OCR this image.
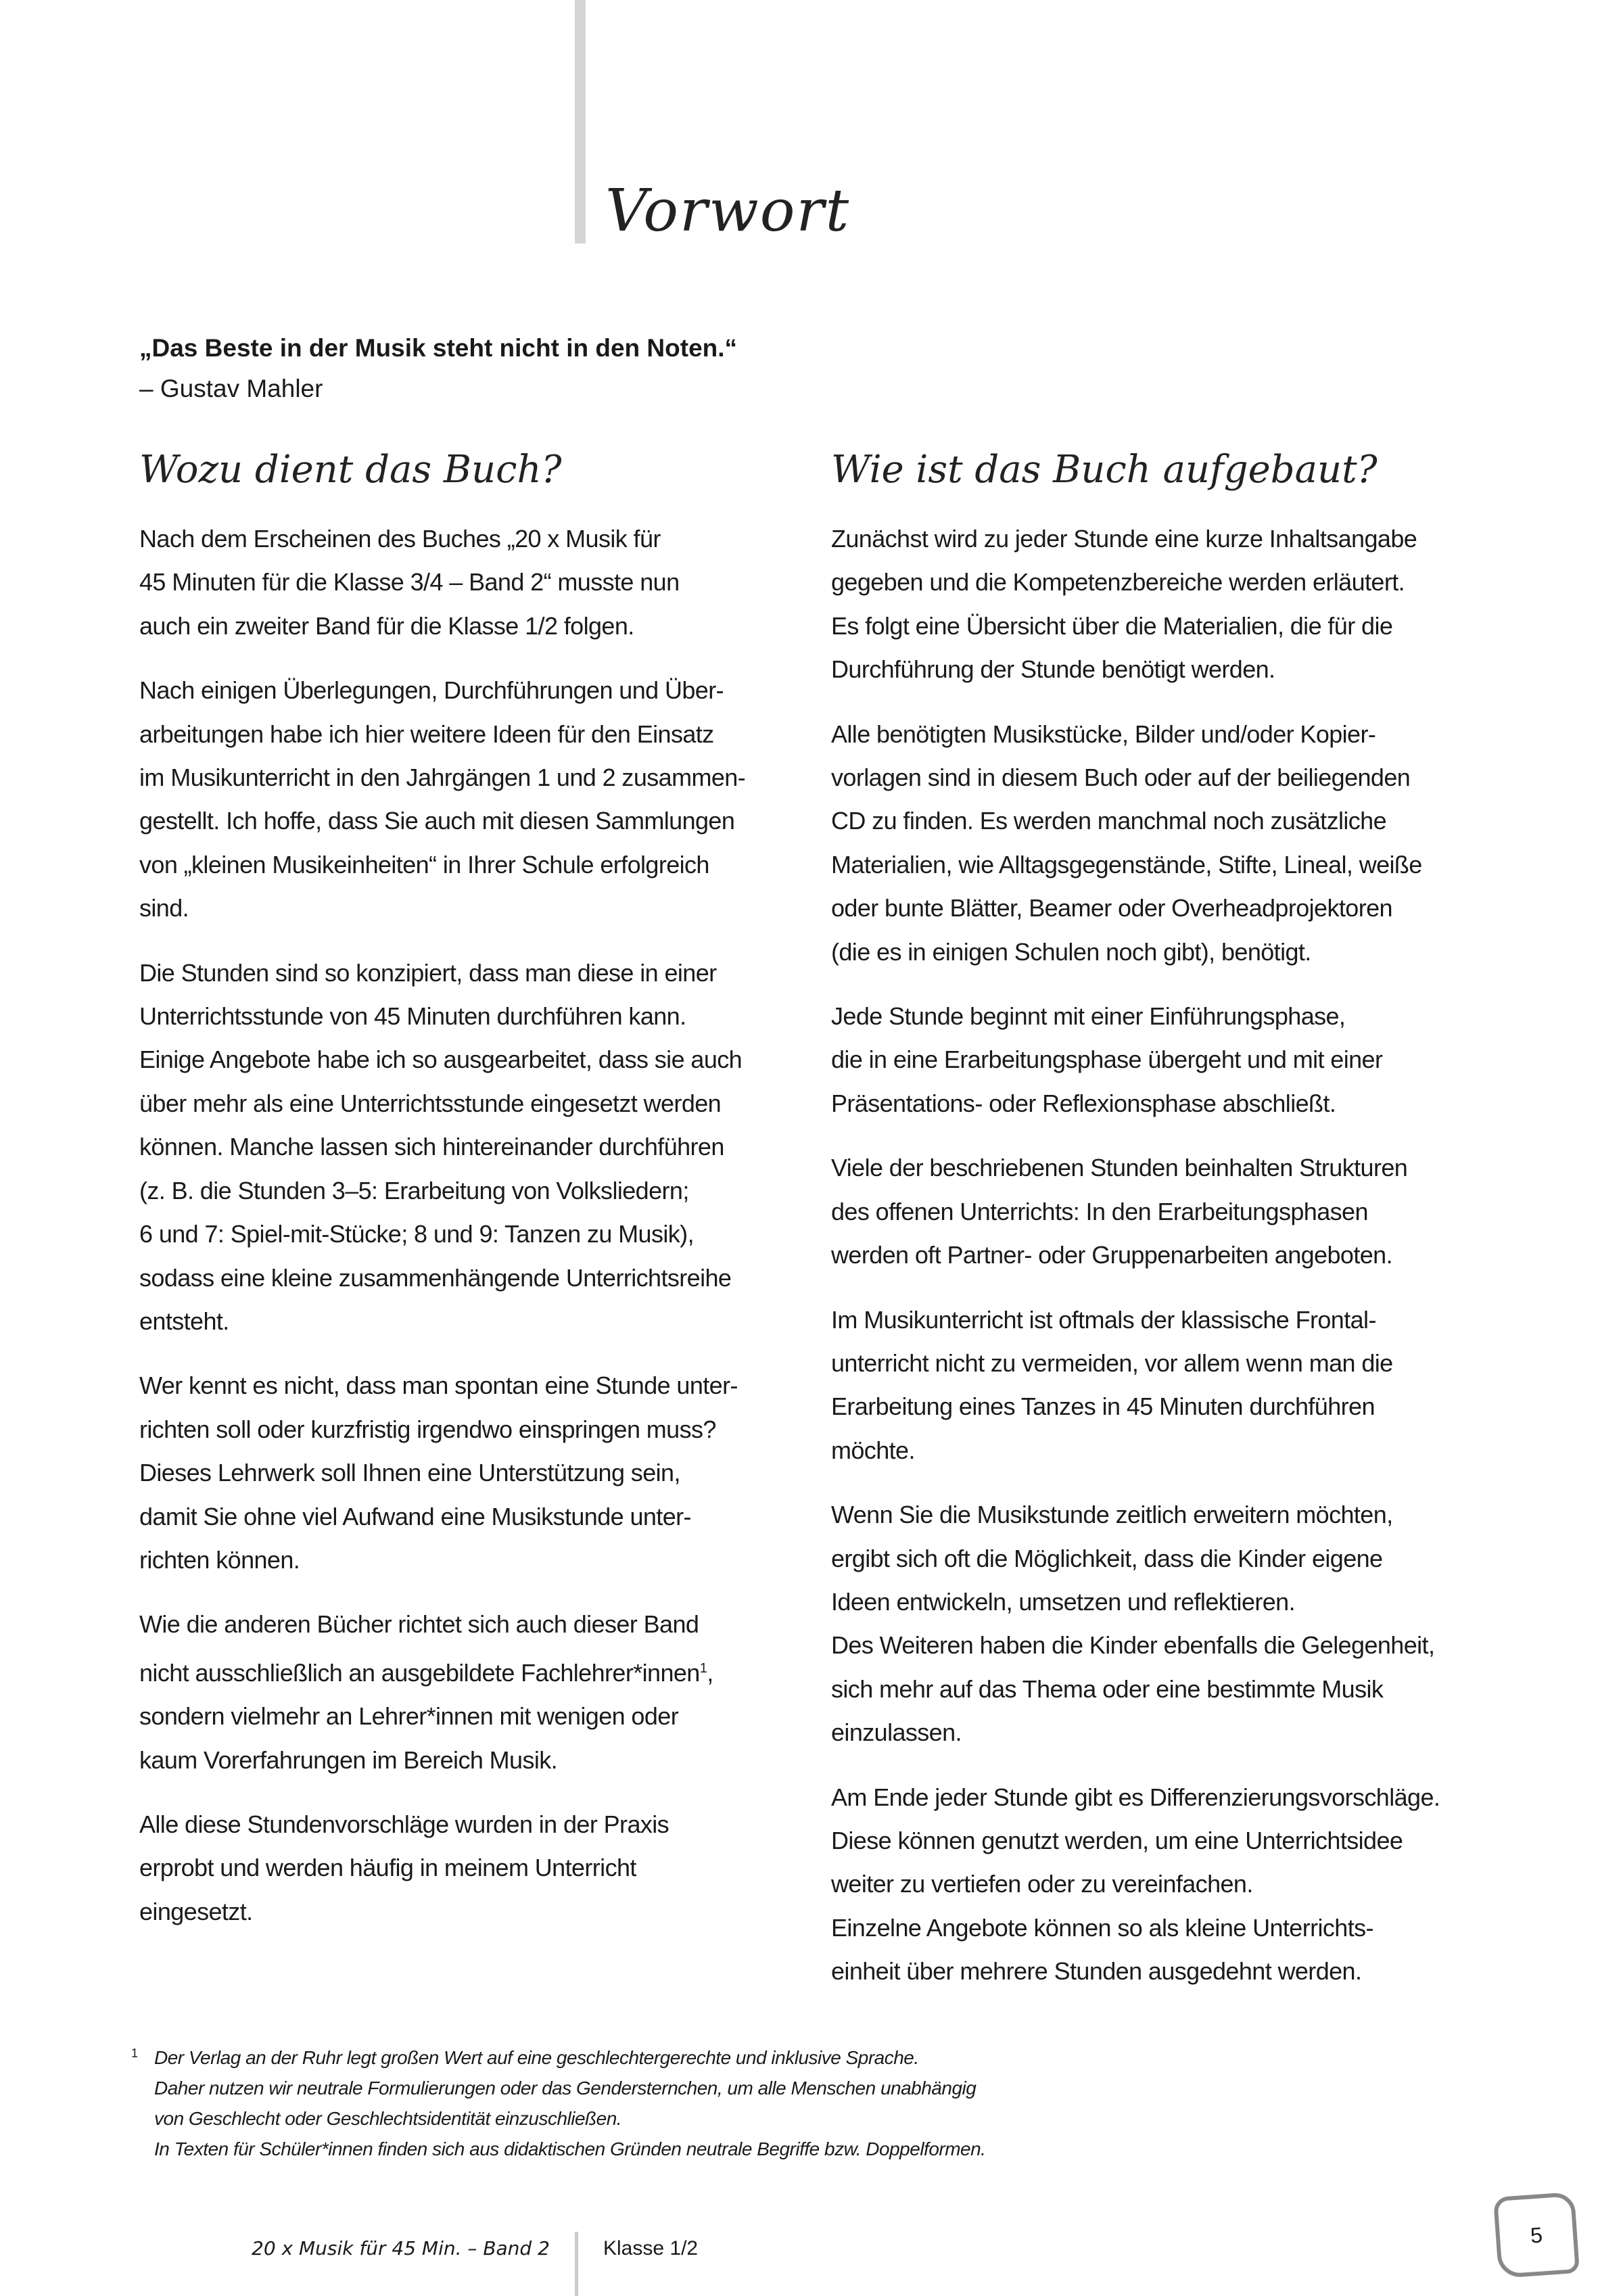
Vorwort
„Das Beste in der Musik steht nicht in den Noten.“
– Gustav Mahler
Wozu dient das Buch?
Nach dem Erscheinen des Buches „20 x Musik für
45 Minuten für die Klasse 3/4 – Band 2“ musste nun
auch ein zweiter Band für die Klasse 1/2 folgen.
Nach einigen Überlegungen, Durchführungen und Über-
arbeitungen habe ich hier weitere Ideen für den Einsatz
im Musikunterricht in den Jahrgängen 1 und 2 zusammen-
gestellt. Ich hoffe, dass Sie auch mit diesen Sammlungen
von „kleinen Musikeinheiten“ in Ihrer Schule erfolgreich
sind.
Die Stunden sind so konzipiert, dass man diese in einer
Unterrichtsstunde von 45 Minuten durchführen kann.
Einige Angebote habe ich so ausgearbeitet, dass sie auch
über mehr als eine Unterrichtsstunde eingesetzt werden
können. Manche lassen sich hintereinander durchführen
(z. B. die Stunden 3–5: Erarbeitung von Volksliedern;
6 und 7: Spiel-mit-Stücke; 8 und 9: Tanzen zu Musik),
sodass eine kleine zusammenhängende Unterrichtsreihe
entsteht.
Wer kennt es nicht, dass man spontan eine Stunde unter-
richten soll oder kurzfristig irgendwo einspringen muss?
Dieses Lehrwerk soll Ihnen eine Unterstützung sein,
damit Sie ohne viel Aufwand eine Musikstunde unter-
richten können.
Wie die anderen Bücher richtet sich auch dieser Band
nicht ausschließlich an ausgebildete Fachlehrer*innen$^1$,
sondern vielmehr an Lehrer*innen mit wenigen oder
kaum Vorerfahrungen im Bereich Musik.
Alle diese Stundenvorschläge wurden in der Praxis
erprobt und werden häufig in meinem Unterricht
eingesetzt.
Wie ist das Buch aufgebaut?
Zunächst wird zu jeder Stunde eine kurze Inhaltsangabe
gegeben und die Kompetenzbereiche werden erläutert.
Es folgt eine Übersicht über die Materialien, die für die
Durchführung der Stunde benötigt werden.
Alle benötigten Musikstücke, Bilder und/oder Kopier-
vorlagen sind in diesem Buch oder auf der beiliegenden
CD zu finden. Es werden manchmal noch zusätzliche
Materialien, wie Alltagsgegenstände, Stifte, Lineal, weiße
oder bunte Blätter, Beamer oder Overheadprojektoren
(die es in einigen Schulen noch gibt), benötigt.
Jede Stunde beginnt mit einer Einführungsphase,
die in eine Erarbeitungsphase übergeht und mit einer
Präsentations- oder Reflexionsphase abschließt.
Viele der beschriebenen Stunden beinhalten Strukturen
des offenen Unterrichts: In den Erarbeitungsphasen
werden oft Partner- oder Gruppenarbeiten angeboten.
Im Musikunterricht ist oftmals der klassische Frontal-
unterricht nicht zu vermeiden, vor allem wenn man die
Erarbeitung eines Tanzes in 45 Minuten durchführen
möchte.
Wenn Sie die Musikstunde zeitlich erweitern möchten,
ergibt sich oft die Möglichkeit, dass die Kinder eigene
Ideen entwickeln, umsetzen und reflektieren.
Des Weiteren haben die Kinder ebenfalls die Gelegenheit,
sich mehr auf das Thema oder eine bestimmte Musik
einzulassen.
Am Ende jeder Stunde gibt es Differenzierungsvorschläge.
Diese können genutzt werden, um eine Unterrichtsidee
weiter zu vertiefen oder zu vereinfachen.
Einzelne Angebote können so als kleine Unterrichts-
einheit über mehrere Stunden ausgedehnt werden.
1 Der Verlag an der Ruhr legt großen Wert auf eine geschlechtergerechte und inklusive Sprache.
Daher nutzen wir neutrale Formulierungen oder das Gendersternchen, um alle Menschen unabhängig
von Geschlecht oder Geschlechtsidentität einzuschließen.
In Texten für Schüler*innen finden sich aus didaktischen Gründen neutrale Begriffe bzw. Doppelformen.
20 x Musik für 45 Min. – Band 2	Klasse 1/2
5
